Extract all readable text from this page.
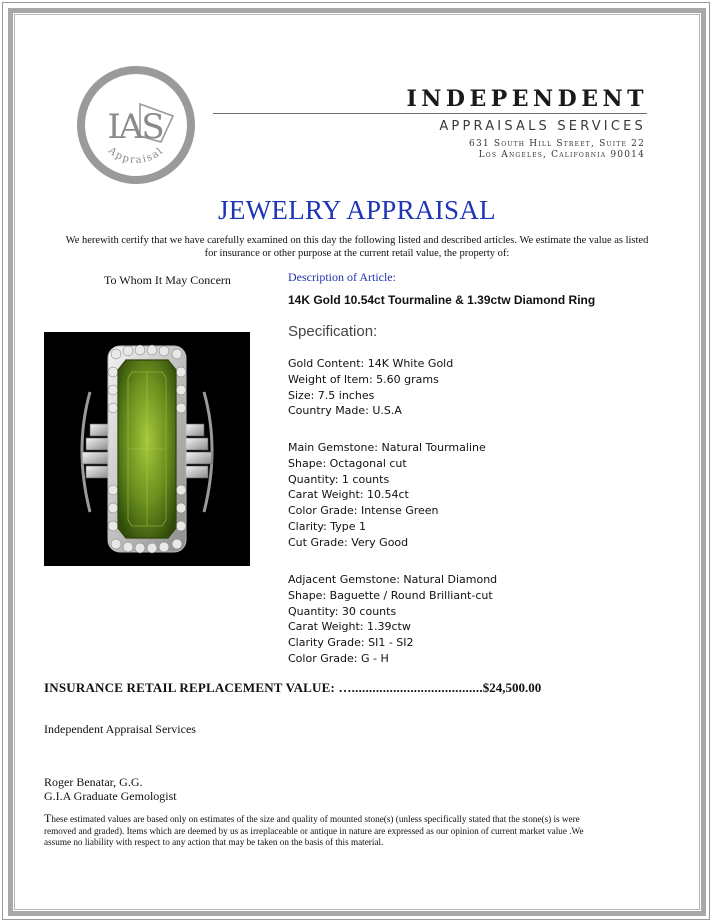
IAS
Appraisal
INDEPENDENT
APPRAISALS SERVICES
631 South Hill Street, Suite 22
Los Angeles, California 90014
JEWELRY APPRAISAL
We herewith certify that we have carefully examined on this day the following listed and described articles. We estimate the value as listed for insurance or other purpose at the current retail value, the property of:
To Whom It May Concern	Description of Article:
14K Gold 10.54ct Tourmaline & 1.39ctw Diamond Ring
Specification:
Gold Content: 14K White Gold
Weight of Item: 5.60 grams
Size: 7.5 inches
Country Made: U.S.A
Main Gemstone: Natural Tourmaline
Shape: Octagonal cut
Quantity: 1 counts
Carat Weight: 10.54ct
Color Grade: Intense Green
Clarity: Type 1
Cut Grade: Very Good
Adjacent Gemstone: Natural Diamond
Shape: Baguette / Round Brilliant-cut
Quantity: 30 counts
Carat Weight: 1.39ctw
Clarity Grade: SI1 - SI2
Color Grade: G - H
INSURANCE RETAIL REPLACEMENT VALUE: …......................................$24,500.00
Independent Appraisal Services
Roger Benatar, G.G.
G.I.A Graduate Gemologist
These estimated values are based only on estimates of the size and quality of mounted stone(s) (unless specifically stated that the stone(s) is were removed and graded). Items which are deemed by us as irreplaceable or antique in nature are expressed as our opinion of current market value .We assume no liability with respect to any action that may be taken on the basis of this material.
